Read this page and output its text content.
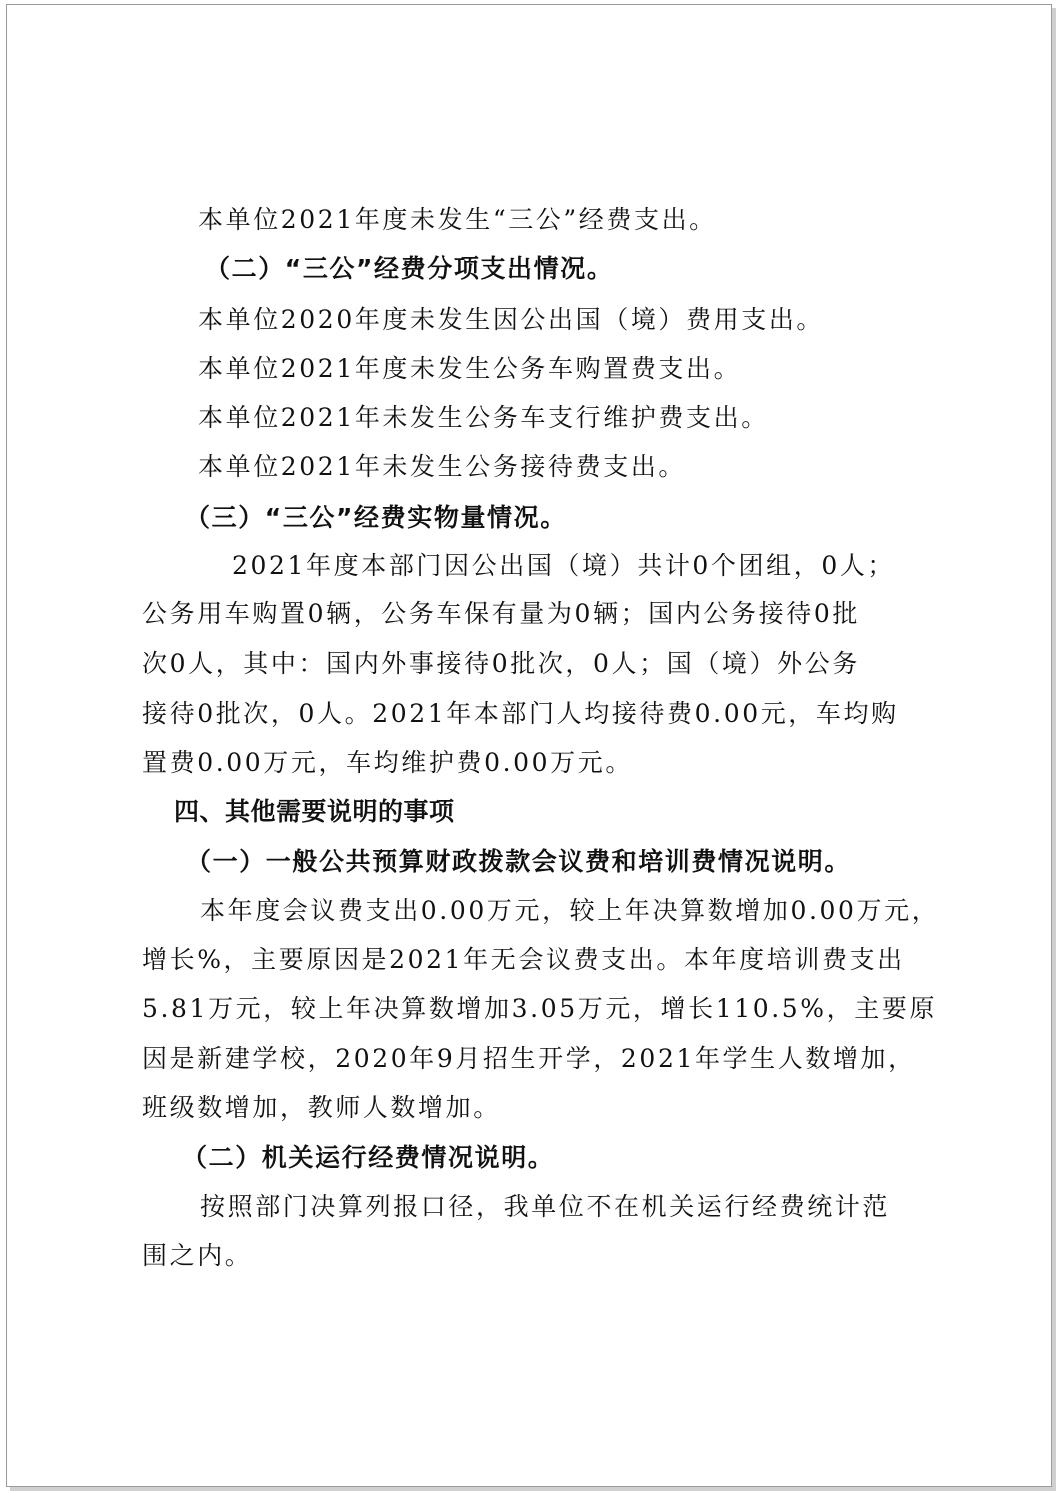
本单位2021年度未发生“三公”经费支出。

（二）“三公”经费分项支出情况。

本单位2020年度未发生因公出国（境）费用支出。

本单位2021年度未发生公务车购置费支出。

本单位2021年未发生公务车支行维护费支出。

本单位2021年未发生公务接待费支出。

（三）“三公”经费实物量情况。

2021年度本部门因公出国（境）共计0个团组，0人；

公务用车购置0辆，公务车保有量为0辆；国内公务接待0批

次0人，其中：国内外事接待0批次，0人；国（境）外公务

接待0批次，0人。2021年本部门人均接待费0.00元，车均购

置费0.00万元，车均维护费0.00万元。

四、其他需要说明的事项

（一）一般公共预算财政拨款会议费和培训费情况说明。

本年度会议费支出0.00万元，较上年决算数增加0.00万元，

增长%，主要原因是2021年无会议费支出。本年度培训费支出

5.81万元，较上年决算数增加3.05万元，增长110.5%，主要原

因是新建学校，2020年9月招生开学，2021年学生人数增加，

班级数增加，教师人数增加。

（二）机关运行经费情况说明。

按照部门决算列报口径，我单位不在机关运行经费统计范

围之内。
